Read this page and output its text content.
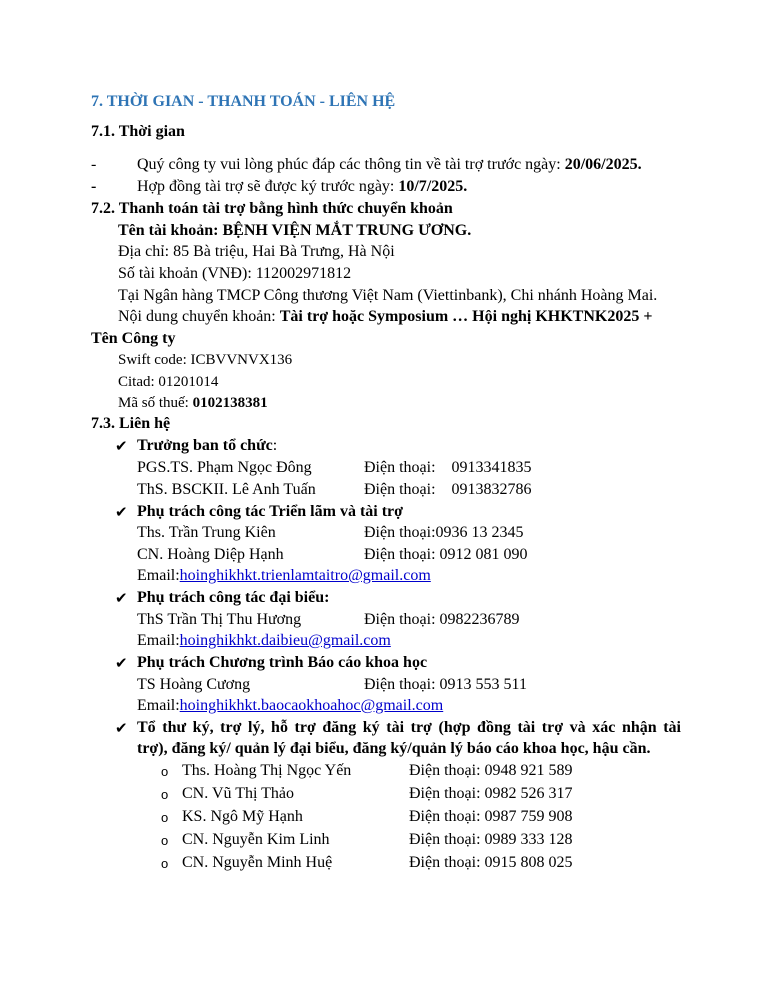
7. THỜI GIAN - THANH TOÁN - LIÊN HỆ
7.1. Thời gian
-	Quý công ty vui lòng phúc đáp các thông tin về tài trợ trước ngày: 20/06/2025.
-	Hợp đồng tài trợ sẽ được ký trước ngày: 10/7/2025.
7.2. Thanh toán tài trợ bằng hình thức chuyển khoản
Tên tài khoản: BỆNH VIỆN MẮT TRUNG ƯƠNG.
Địa chỉ: 85 Bà triệu, Hai Bà Trưng, Hà Nội
Số tài khoản (VNĐ): 112002971812
Tại Ngân hàng TMCP Công thương Việt Nam (Viettinbank), Chi nhánh Hoàng Mai.
Nội dung chuyển khoản: Tài trợ hoặc Symposium … Hội nghị KHKTNK2025 +
Tên Công ty
Swift code: ICBVVNVX136
Citad: 01201014
Mã số thuế: 0102138381
7.3. Liên hệ
✔ Trưởng ban tổ chức:
PGS.TS. Phạm Ngọc Đông	Điện thoại:    0913341835
ThS. BSCKII. Lê Anh Tuấn	Điện thoại:    0913832786
✔ Phụ trách công tác Triển lãm và tài trợ
Ths. Trần Trung Kiên	Điện thoại:0936 13 2345
CN. Hoàng Diệp Hạnh	Điện thoại: 0912 081 090
Email:hoinghikhkt.trienlamtaitro@gmail.com
✔ Phụ trách công tác đại biểu:
ThS Trần Thị Thu Hương	Điện thoại: 0982236789
Email:hoinghikhkt.daibieu@gmail.com
✔ Phụ trách Chương trình Báo cáo khoa học
TS Hoàng Cương	Điện thoại: 0913 553 511
Email:hoinghikhkt.baocaokhoahoc@gmail.com
✔ Tổ thư ký, trợ lý, hỗ trợ đăng ký tài trợ (hợp đồng tài trợ và xác nhận tài
trợ), đăng ký/ quản lý đại biểu, đăng ký/quản lý báo cáo khoa học, hậu cần.
o Ths. Hoàng Thị Ngọc Yến	Điện thoại: 0948 921 589
o CN. Vũ Thị Thảo	Điện thoại: 0982 526 317
o KS. Ngô Mỹ Hạnh	Điện thoại: 0987 759 908
o CN. Nguyễn Kim Linh	Điện thoại: 0989 333 128
o CN. Nguyễn Minh Huệ	Điện thoại: 0915 808 025
